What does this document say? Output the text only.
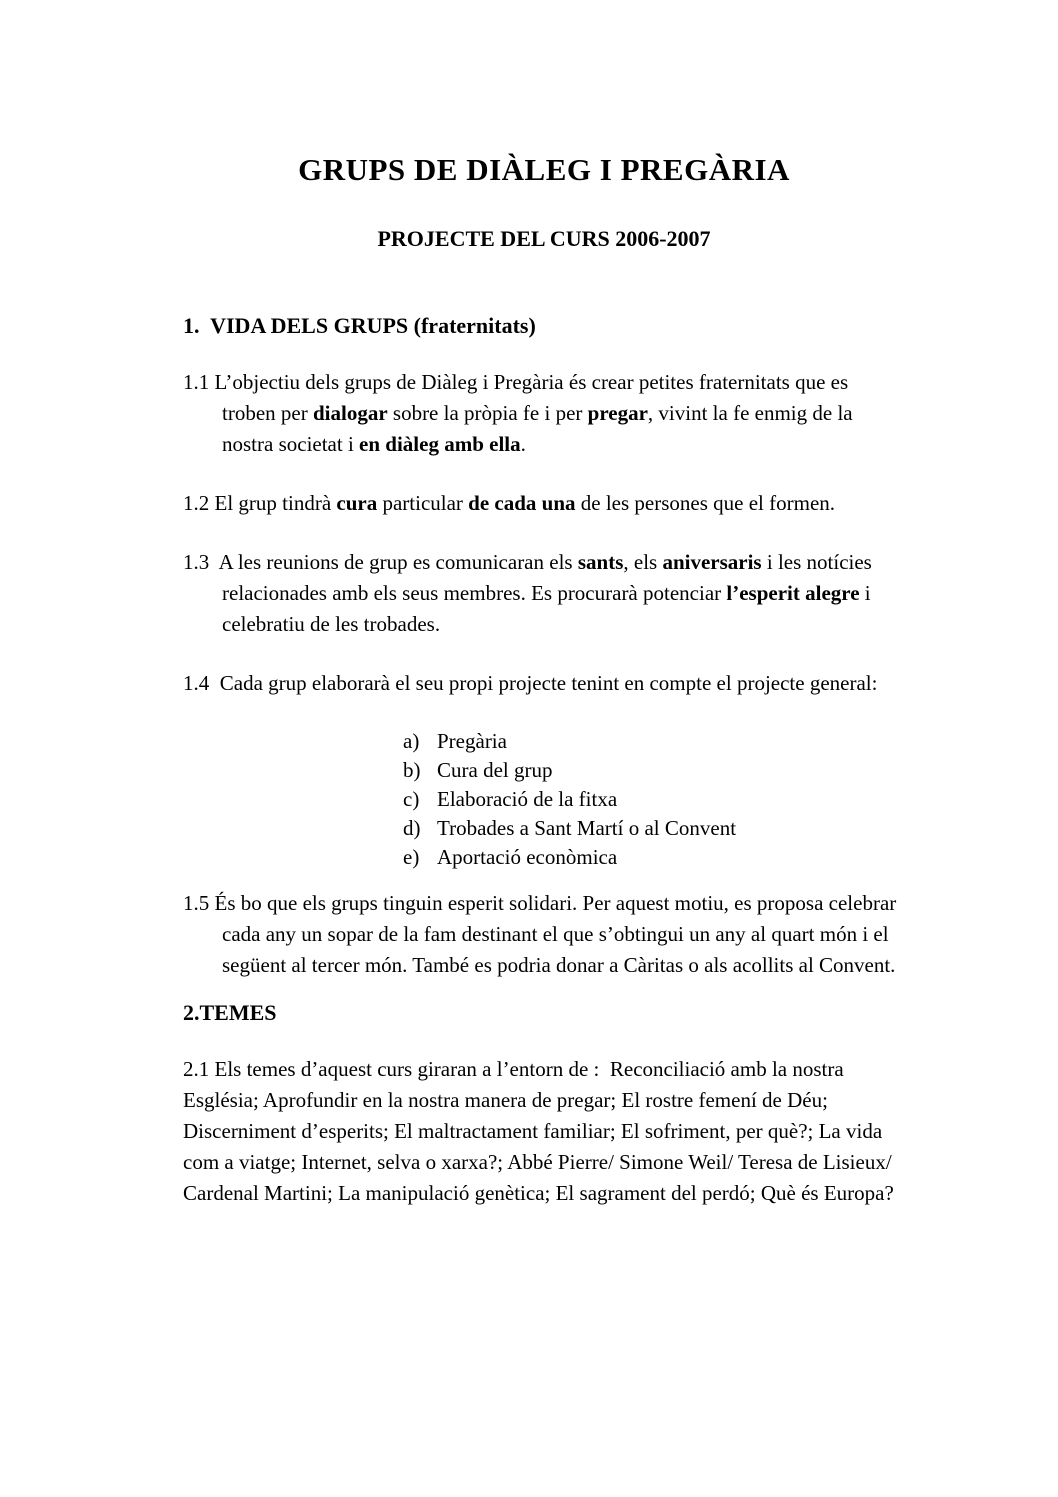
GRUPS DE DIÀLEG I PREGÀRIA
PROJECTE DEL CURS 2006-2007
1.  VIDA DELS GRUPS (fraternitats)

1.1 L’objectiu dels grups de Diàleg i Pregària és crear petites fraternitats que es troben per dialogar sobre la pròpia fe i per pregar, vivint la fe enmig de la nostra societat i en diàleg amb ella.

1.2 El grup tindrà cura particular de cada una de les persones que el formen.

1.3  A les reunions de grup es comunicaran els sants, els aniversaris i les notícies relacionades amb els seus membres. Es procurarà potenciar l’esperit alegre i celebratiu de les trobades.

1.4  Cada grup elaborarà el seu propi projecte tenint en compte el projecte general:

a) Pregària
b) Cura del grup
c) Elaboració de la fitxa
d) Trobades a Sant Martí o al Convent
e) Aportació econòmica

1.5 És bo que els grups tinguin esperit solidari. Per aquest motiu, es proposa celebrar cada any un sopar de la fam destinant el que s’obtingui un any al quart món i el següent al tercer món. També es podria donar a Càritas o als acollits al Convent.

2.TEMES

2.1 Els temes d’aquest curs giraran a l’entorn de :  Reconciliació amb la nostra Església; Aprofundir en la nostra manera de pregar; El rostre femení de Déu; Discerniment d’esperits; El maltractament familiar; El sofriment, per què?; La vida com a viatge; Internet, selva o xarxa?; Abbé Pierre/ Simone Weil/ Teresa de Lisieux/ Cardenal Martini; La manipulació genètica; El sagrament del perdó; Què és Europa?
